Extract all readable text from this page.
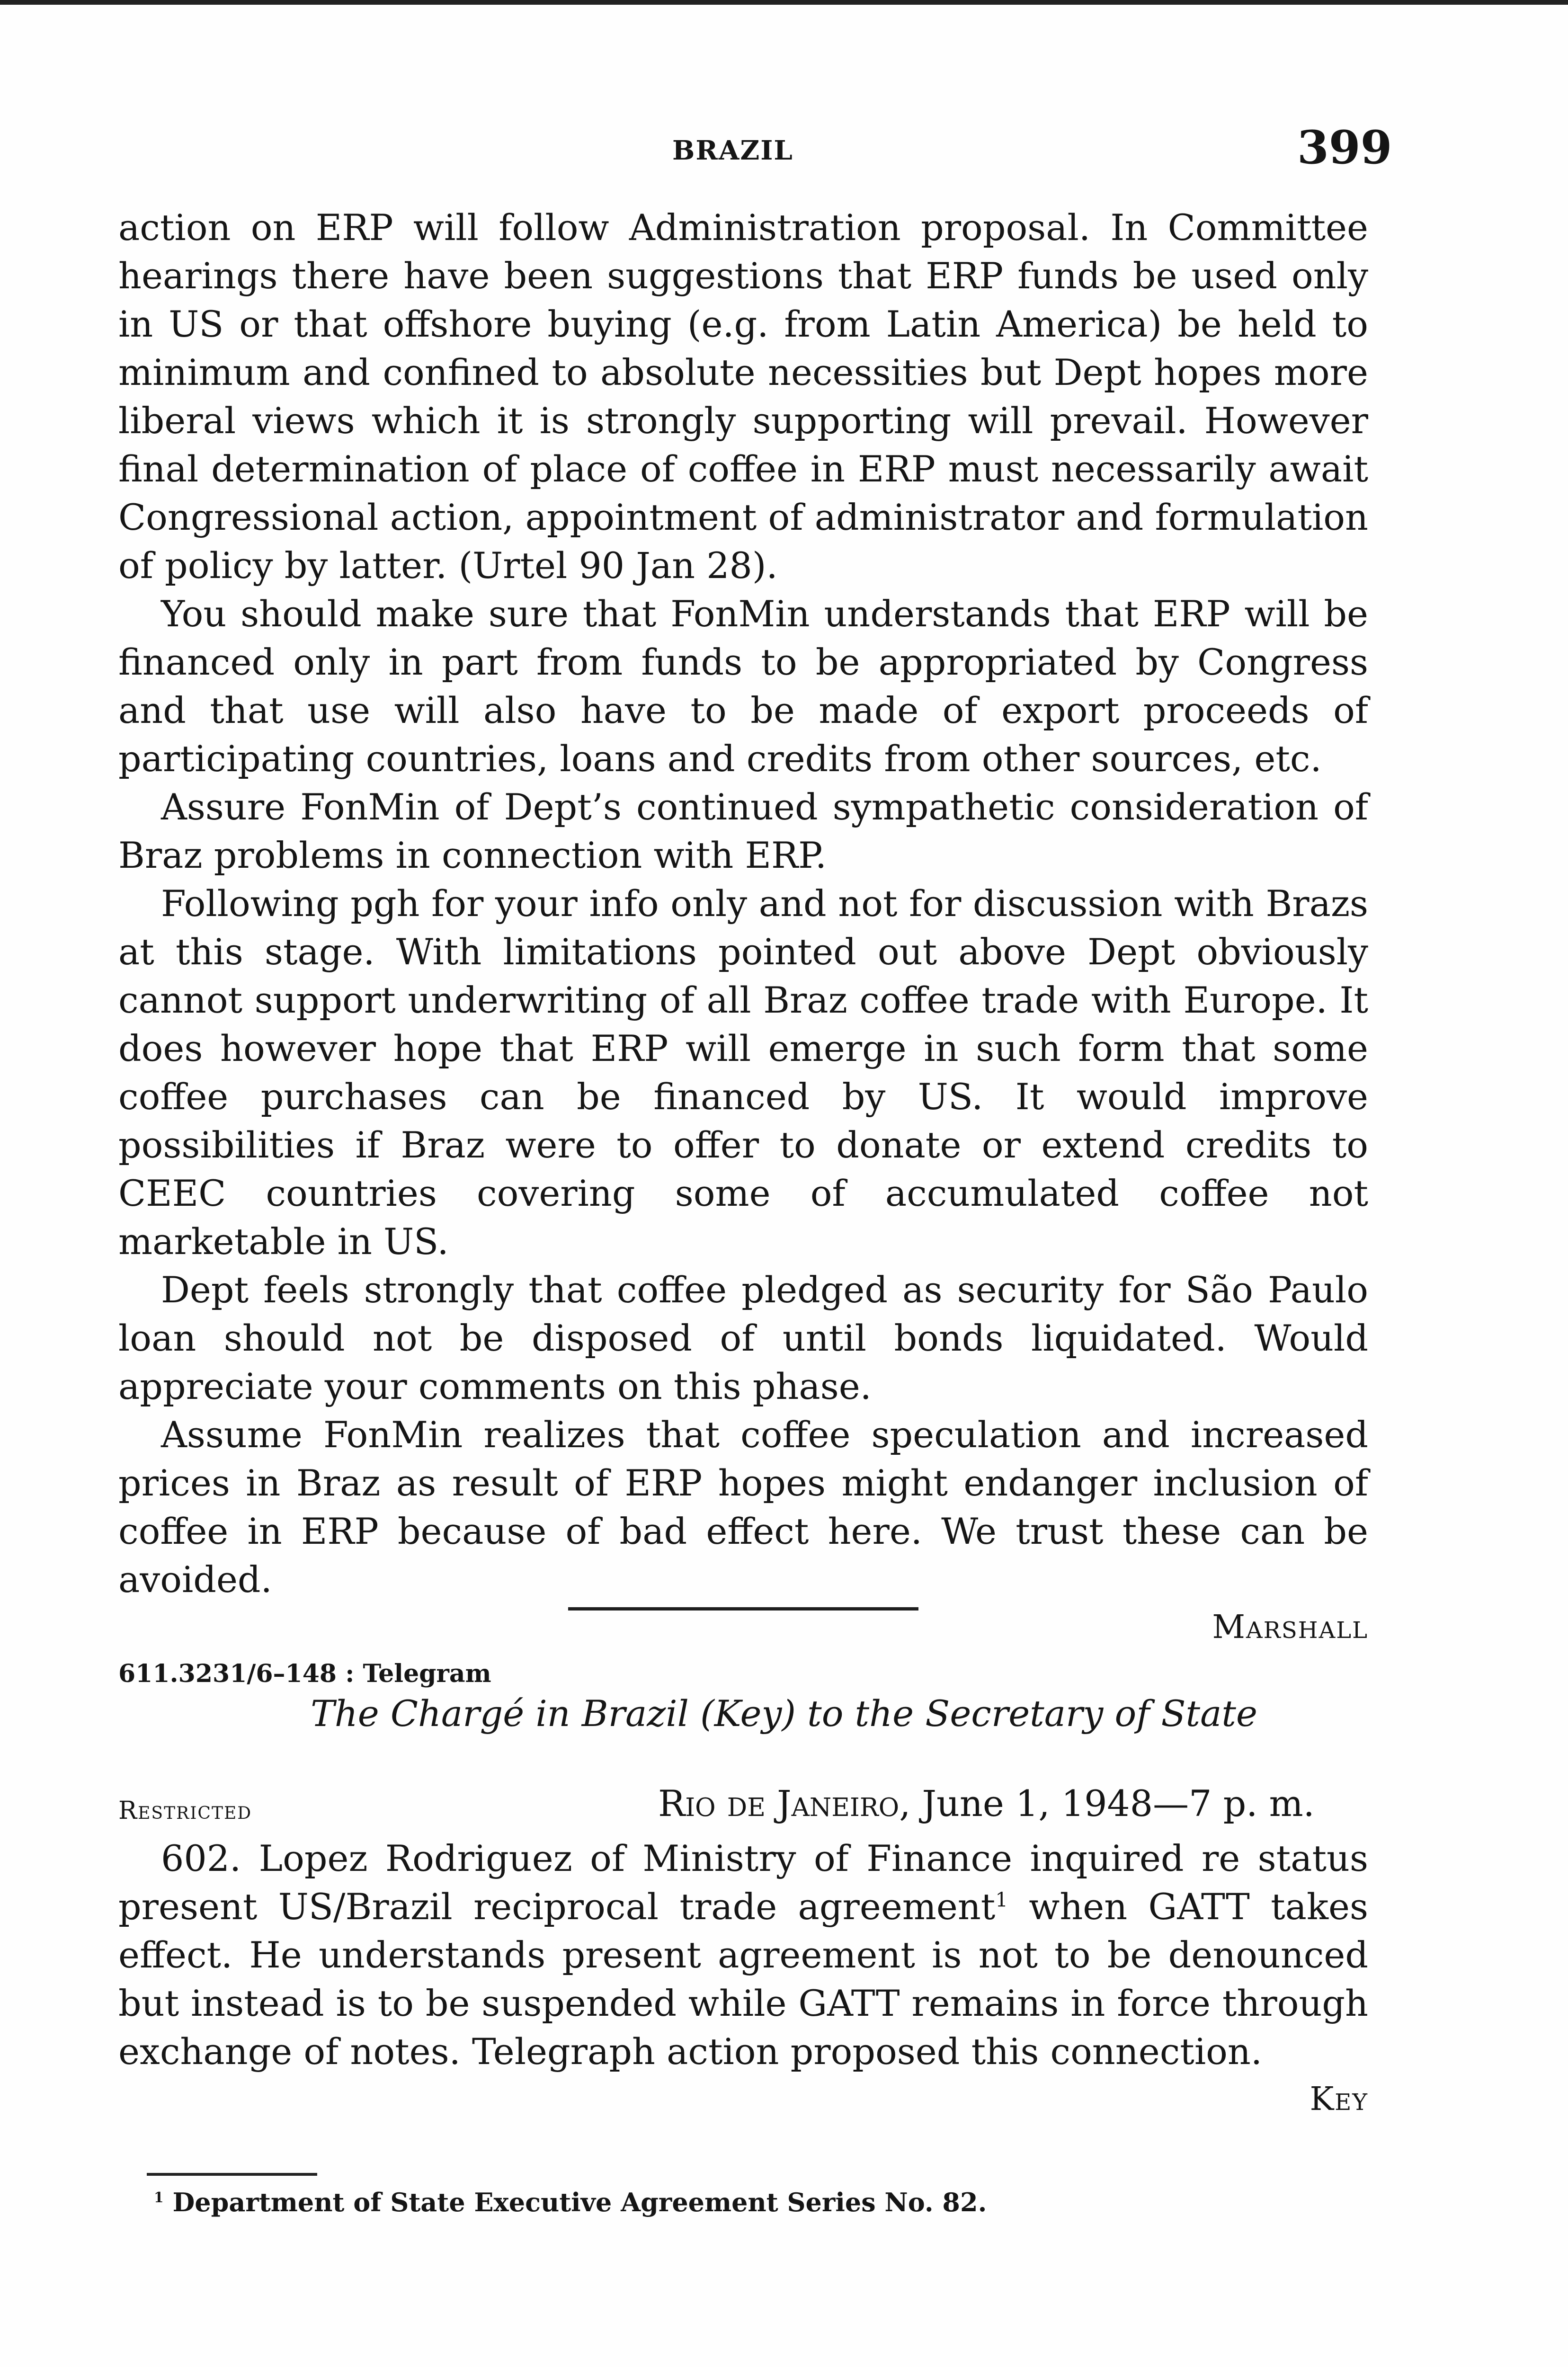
BRAZIL	399

action on ERP will follow Administration proposal. In Committee hearings there have been suggestions that ERP funds be used only in US or that offshore buying (e.g. from Latin America) be held to minimum and confined to absolute necessities but Dept hopes more liberal views which it is strongly supporting will prevail. However final determination of place of coffee in ERP must necessarily await Congressional action, appointment of administrator and formulation of policy by latter. (Urtel 90 Jan 28).

You should make sure that FonMin understands that ERP will be financed only in part from funds to be appropriated by Congress and that use will also have to be made of export proceeds of participating countries, loans and credits from other sources, etc.

Assure FonMin of Dept’s continued sympathetic consideration of Braz problems in connection with ERP.

Following pgh for your info only and not for discussion with Brazs at this stage. With limitations pointed out above Dept obviously cannot support underwriting of all Braz coffee trade with Europe. It does however hope that ERP will emerge in such form that some coffee purchases can be financed by US. It would improve possibilities if Braz were to offer to donate or extend credits to CEEC countries covering some of accumulated coffee not marketable in US.

Dept feels strongly that coffee pledged as security for São Paulo loan should not be disposed of until bonds liquidated. Would appreciate your comments on this phase.

Assume FonMin realizes that coffee speculation and increased prices in Braz as result of ERP hopes might endanger inclusion of coffee in ERP because of bad effect here. We trust these can be avoided.

Marshall

611.3231/6–148 : Telegram
The Chargé in Brazil (Key) to the Secretary of State
Restricted	Rio de Janeiro, June 1, 1948—7 p. m.

602. Lopez Rodriguez of Ministry of Finance inquired re status present US/Brazil reciprocal trade agreement$^1$ when GATT takes effect. He understands present agreement is not to be denounced but instead is to be suspended while GATT remains in force through exchange of notes. Telegraph action proposed this connection.

Key

$^1$ Department of State Executive Agreement Series No. 82.
